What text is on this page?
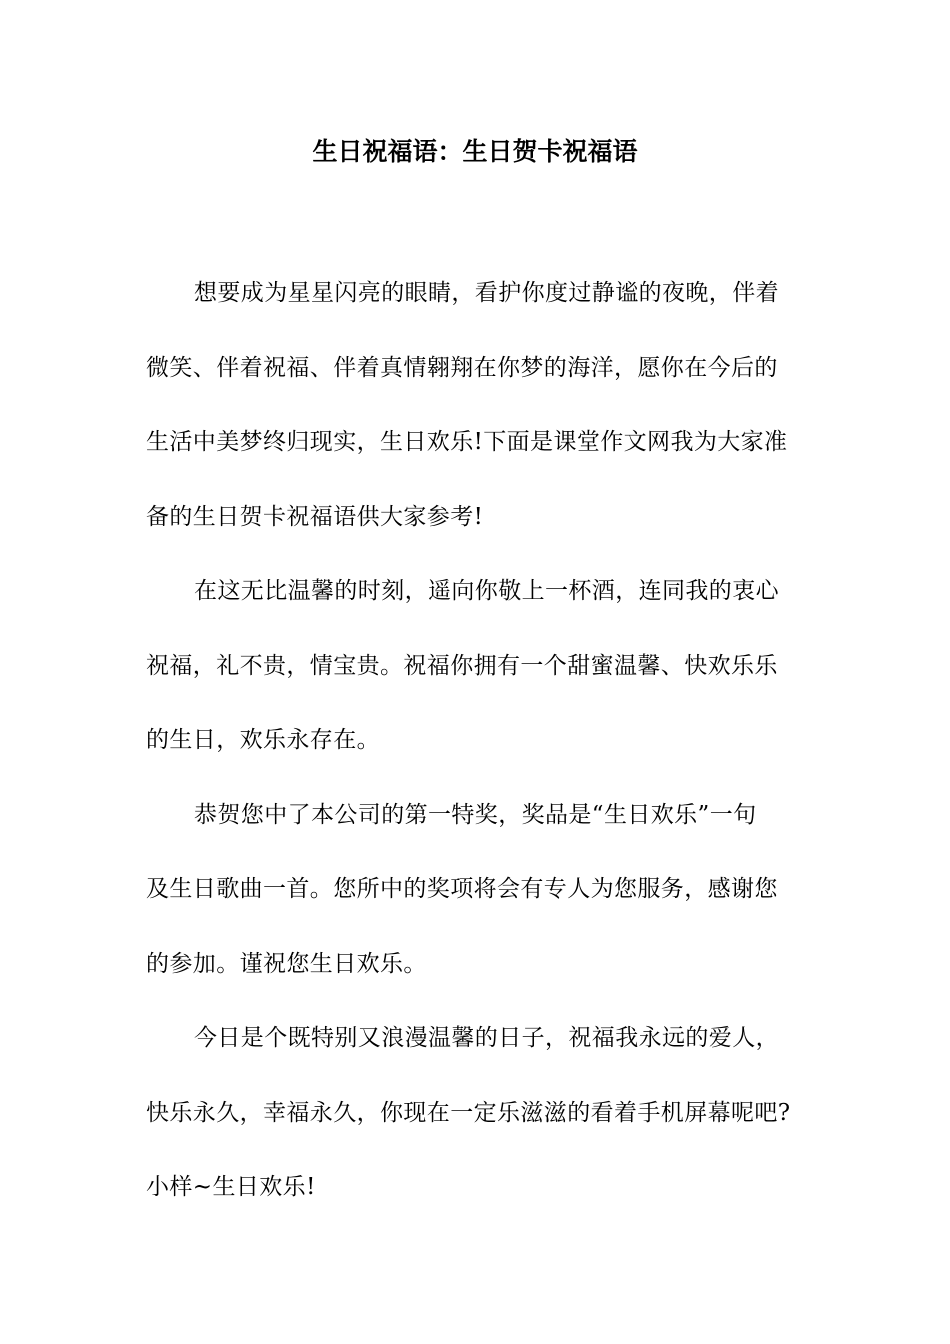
生日祝福语：生日贺卡祝福语

想要成为星星闪亮的眼睛，看护你度过静谧的夜晚，伴着
微笑、伴着祝福、伴着真情翱翔在你梦的海洋，愿你在今后的
生活中美梦终归现实，生日欢乐!下面是课堂作文网我为大家准
备的生日贺卡祝福语供大家参考!

在这无比温馨的时刻，遥向你敬上一杯酒，连同我的衷心
祝福，礼不贵，情宝贵。祝福你拥有一个甜蜜温馨、快欢乐乐
的生日，欢乐永存在。

恭贺您中了本公司的第一特奖，奖品是“生日欢乐”一句
及生日歌曲一首。您所中的奖项将会有专人为您服务，感谢您
的参加。谨祝您生日欢乐。

今日是个既特别又浪漫温馨的日子，祝福我永远的爱人，
快乐永久，幸福永久，你现在一定乐滋滋的看着手机屏幕呢吧?
小样~生日欢乐!
